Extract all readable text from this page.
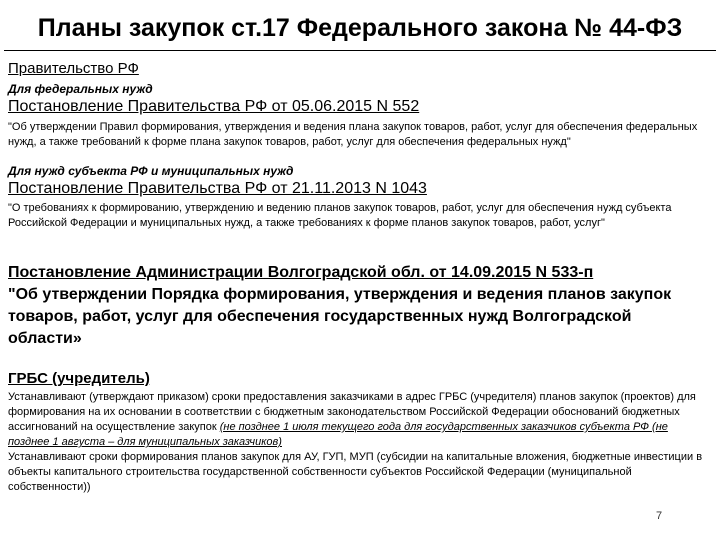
Планы закупок ст.17 Федерального закона № 44-ФЗ
Правительство РФ
Для федеральных нужд
Постановление Правительства РФ от 05.06.2015 N 552
"Об утверждении Правил формирования, утверждения и ведения плана закупок товаров, работ, услуг для обеспечения федеральных нужд, а также требований к форме плана закупок товаров, работ, услуг для обеспечения федеральных нужд"
Для нужд субъекта РФ и муниципальных нужд
Постановление Правительства РФ от 21.11.2013 N 1043
"О требованиях к формированию, утверждению и ведению планов закупок товаров, работ, услуг для обеспечения нужд субъекта Российской Федерации и муниципальных нужд, а также требованиях к форме планов закупок товаров, работ, услуг"
Постановление Администрации Волгоградской обл. от 14.09.2015 N 533-п
"Об утверждении Порядка формирования, утверждения и ведения планов закупок товаров, работ, услуг для обеспечения государственных нужд Волгоградской области»
ГРБС (учредитель)
Устанавливают (утверждают приказом) сроки предоставления заказчиками в адрес ГРБС (учредителя) планов закупок (проектов) для формирования на их основании в соответствии с бюджетным законодательством Российской Федерации обоснований бюджетных ассигнований на осуществление закупок (не позднее 1 июля текущего года для государственных заказчиков субъекта РФ (не позднее 1 августа – для муниципальных заказчиков)
Устанавливают сроки формирования планов закупок для АУ, ГУП, МУП (субсидии на капитальные вложения, бюджетные инвестиции в объекты капитального строительства государственной собственности субъектов Российской Федерации (муниципальной собственности))
7
